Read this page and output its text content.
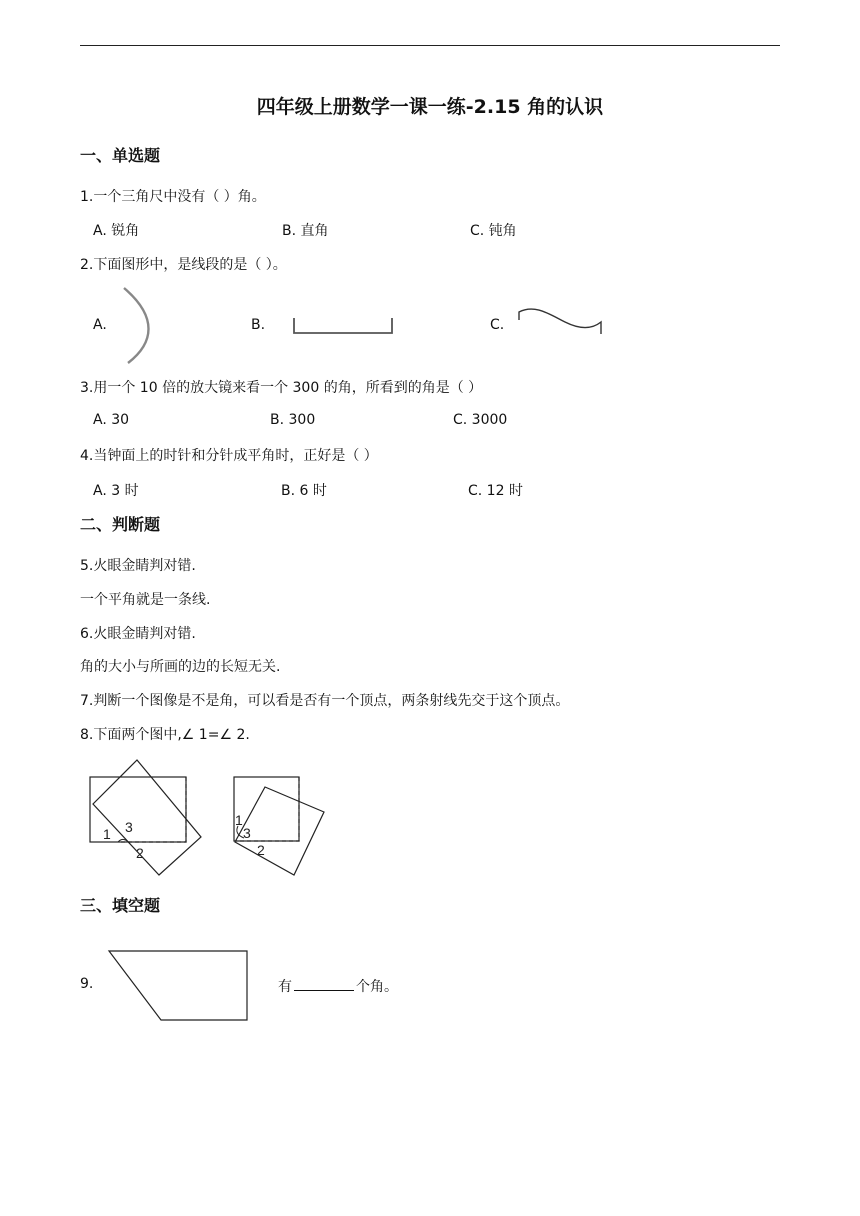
四年级上册数学一课一练-2.15 角的认识
一、单选题
1.一个三角尺中没有（ ）角。
A. 锐角	B. 直角	C. 钝角
2.下面图形中，是线段的是（ ）。
A.	B.	C.
3.用一个 10 倍的放大镜来看一个 300 的角，所看到的角是（ ）
A. 30	B. 300	C. 3000
4.当钟面上的时针和分针成平角时，正好是（ ）
A. 3 时	B. 6 时	C. 12 时
二、判断题
5.火眼金睛判对错.
一个平角就是一条线.
6.火眼金睛判对错.
角的大小与所画的边的长短无关.
7.判断一个图像是不是角，可以看是否有一个顶点，两条射线先交于这个顶点。
8.下面两个图中,∠ 1=∠ 2.
1 3
2
1
3
2
三、填空题
9.	有	个角。
